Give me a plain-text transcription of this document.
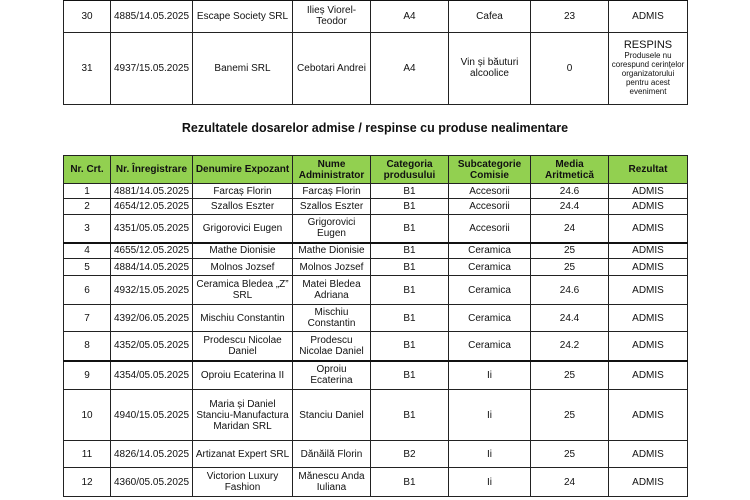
30	4885/14.05.2025	Escape Society SRL	Ilieș Viorel-Teodor	A4	Cafea	23	ADMIS
31	4937/15.05.2025	Banemi SRL	Cebotari Andrei	A4	Vin și băuturi alcoolice	0	RESPINS
Produsele nu corespund cerințelor organizatorului pentru acest eveniment
Rezultatele dosarelor admise / respinse cu produse nealimentare
Nr. Crt.	Nr. Înregistrare	Denumire Expozant	Nume Administrator	Categoria produsului	Subcategorie Comisie	Media Aritmetică	Rezultat
1	4881/14.05.2025	Farcaș Florin	Farcaș Florin	B1	Accesorii	24.6	ADMIS
2	4654/12.05.2025	Szallos Eszter	Szallos Eszter	B1	Accesorii	24.4	ADMIS
3	4351/05.05.2025	Grigorovici Eugen	Grigorovici Eugen	B1	Accesorii	24	ADMIS
4	4655/12.05.2025	Mathe Dionisie	Mathe Dionisie	B1	Ceramica	25	ADMIS
5	4884/14.05.2025	Molnos Jozsef	Molnos Jozsef	B1	Ceramica	25	ADMIS
6	4932/15.05.2025	Ceramica Bledea „Z” SRL	Matei Bledea Adriana	B1	Ceramica	24.6	ADMIS
7	4392/06.05.2025	Mischiu Constantin	Mischiu Constantin	B1	Ceramica	24.4	ADMIS
8	4352/05.05.2025	Prodescu Nicolae Daniel	Prodescu Nicolae Daniel	B1	Ceramica	24.2	ADMIS
9	4354/05.05.2025	Oproiu Ecaterina II	Oproiu Ecaterina	B1	Ii	25	ADMIS
10	4940/15.05.2025	Maria și Daniel Stanciu-Manufactura Maridan SRL	Stanciu Daniel	B1	Ii	25	ADMIS
11	4826/14.05.2025	Artizanat Expert SRL	Dănăilă Florin	B2	Ii	25	ADMIS
12	4360/05.05.2025	Victorion Luxury Fashion	Mănescu Anda Iuliana	B1	Ii	24	ADMIS
